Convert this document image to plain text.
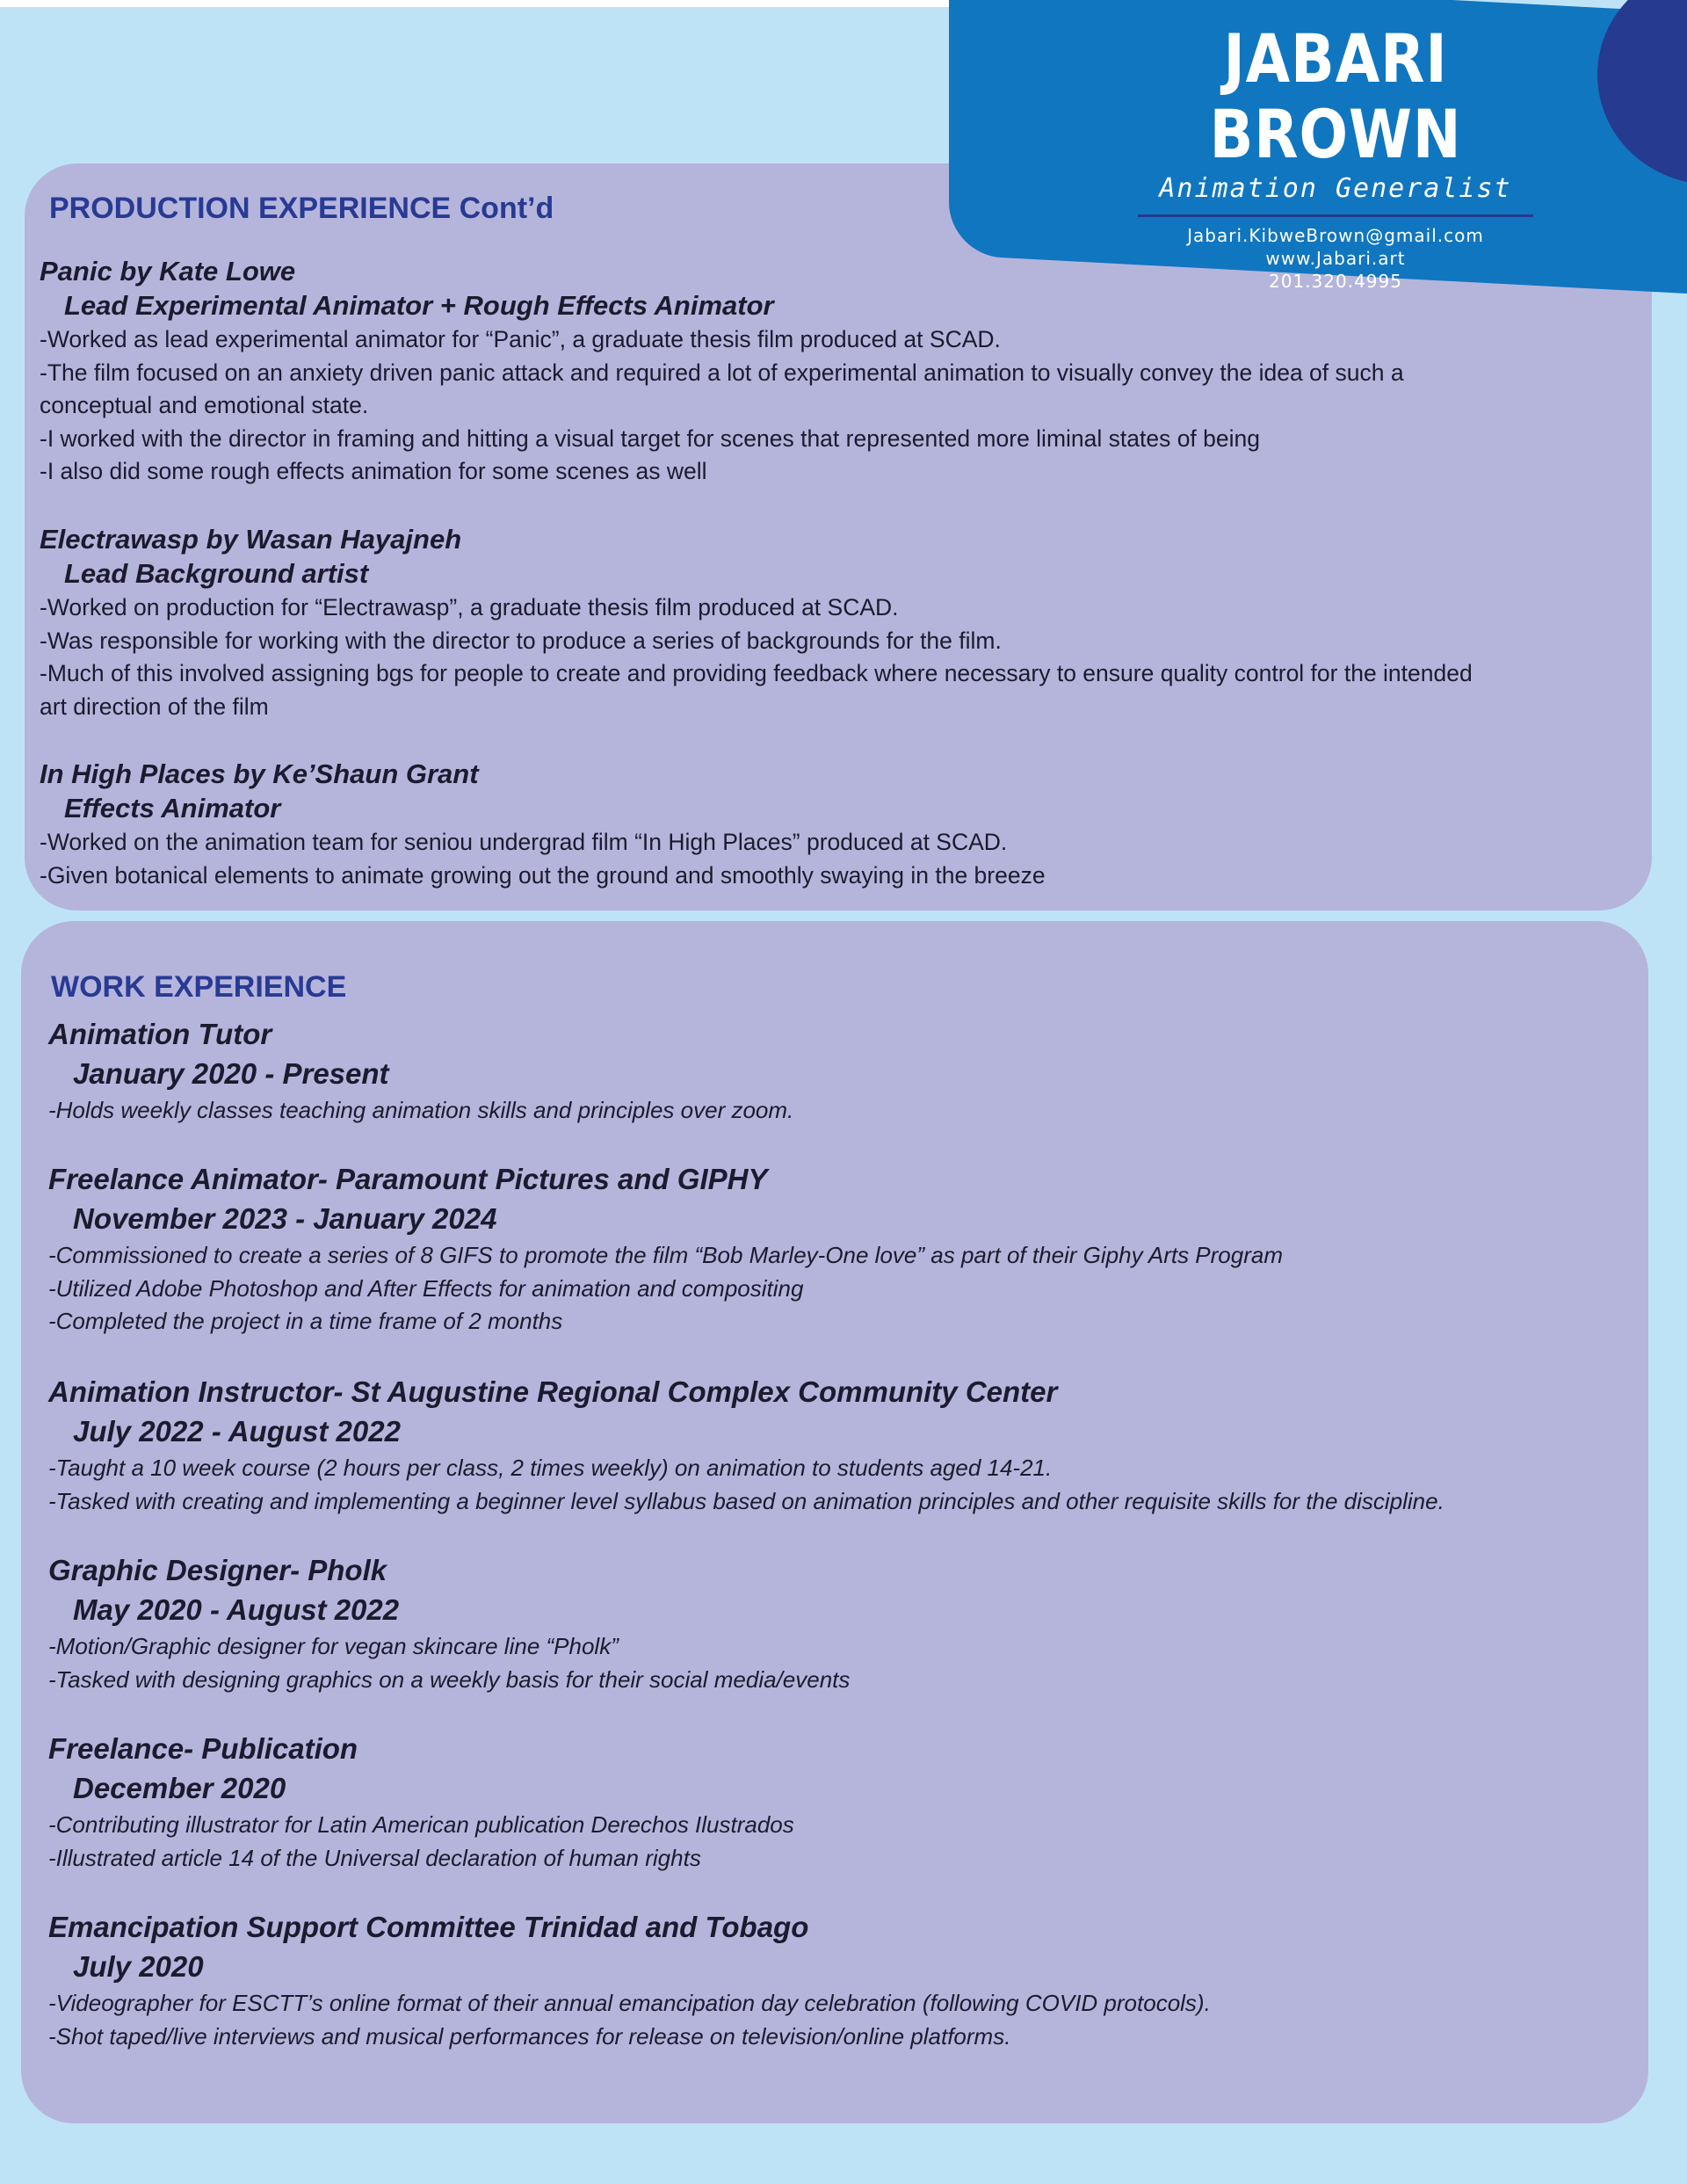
JABARI BROWN
Animation Generalist
Jabari.KibweBrown@gmail.com
www.Jabari.art
201.320.4995
PRODUCTION EXPERIENCE Cont’d
Panic by Kate Lowe
Lead Experimental Animator + Rough Effects Animator
-Worked as lead experimental animator for “Panic”, a graduate thesis film produced at SCAD.
-The film focused on an anxiety driven panic attack and required a lot of experimental animation to visually convey the idea of such a
conceptual and emotional state.
-I worked with the director in framing and hitting a visual target for scenes that represented more liminal states of being
-I also did some rough effects animation for some scenes as well
Electrawasp by Wasan Hayajneh
Lead Background artist
-Worked on production for “Electrawasp”, a graduate thesis film produced at SCAD.
-Was responsible for working with the director to produce a series of backgrounds for the film.
-Much of this involved assigning bgs for people to create and providing feedback where necessary to ensure quality control for the intended
art direction of the film
In High Places by Ke’Shaun Grant
Effects Animator
-Worked on the animation team for seniou undergrad film “In High Places” produced at SCAD.
-Given botanical elements to animate growing out the ground and smoothly swaying in the breeze
WORK EXPERIENCE
Animation Tutor
January 2020 - Present
-Holds weekly classes teaching animation skills and principles over zoom.
Freelance Animator- Paramount Pictures and GIPHY
November 2023 - January 2024
-Commissioned to create a series of 8 GIFS to promote the film “Bob Marley-One love” as part of their Giphy Arts Program
-Utilized Adobe Photoshop and After Effects for animation and compositing
-Completed the project in a time frame of 2 months
Animation Instructor- St Augustine Regional Complex Community Center
July 2022 - August 2022
-Taught a 10 week course (2 hours per class, 2 times weekly) on animation to students aged 14-21.
-Tasked with creating and implementing a beginner level syllabus based on animation principles and other requisite skills for the discipline.
Graphic Designer- Pholk
May 2020 - August 2022
-Motion/Graphic designer for vegan skincare line “Pholk”
-Tasked with designing graphics on a weekly basis for their social media/events
Freelance- Publication
December 2020
-Contributing illustrator for Latin American publication Derechos Ilustrados
-Illustrated article 14 of the Universal declaration of human rights
Emancipation Support Committee Trinidad and Tobago
July 2020
-Videographer for ESCTT’s online format of their annual emancipation day celebration (following COVID protocols).
-Shot taped/live interviews and musical performances for release on television/online platforms.
